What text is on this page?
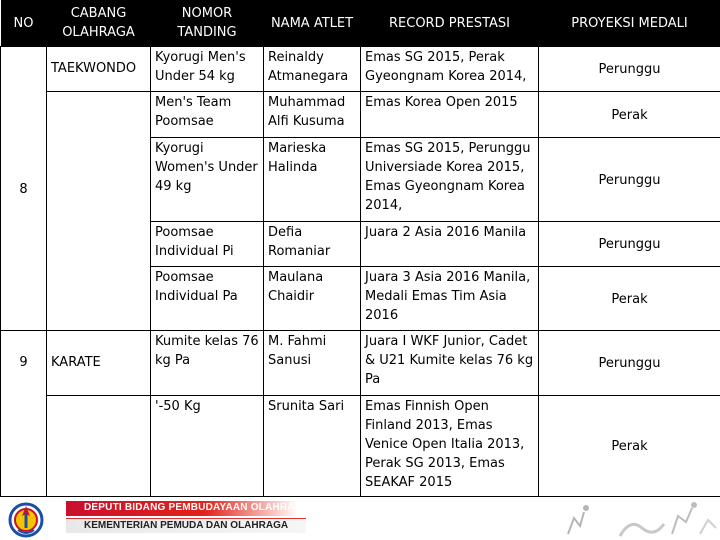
NO	CABANG OLAHRAGA	NOMOR TANDING	NAMA ATLET	RECORD PRESTASI	PROYEKSI MEDALI
8	TAEKWONDO	Kyorugi Men's Under 54 kg	Reinaldy Atmanegara	Emas SG 2015, Perak Gyeongnam Korea 2014,	Perunggu
		Men's Team Poomsae	Muhammad Alfi Kusuma	Emas Korea Open 2015	Perak
		Kyorugi Women's Under 49 kg	Marieska Halinda	Emas SG 2015, Perunggu Universiade Korea 2015, Emas Gyeongnam Korea 2014,	Perunggu
		Poomsae Individual Pi	Defia Romaniar	Juara 2 Asia 2016 Manila	Perunggu
		Poomsae Individual Pa	Maulana Chaidir	Juara 3 Asia 2016 Manila, Medali Emas Tim Asia 2016	Perak
9	KARATE	Kumite kelas 76 kg Pa	M. Fahmi Sanusi	Juara I WKF Junior, Cadet & U21 Kumite kelas 76 kg Pa	Perunggu
		'-50 Kg	Srunita Sari	Emas Finnish Open Finland 2013, Emas Venice Open Italia 2013, Perak SG 2013, Emas SEAKAF 2015	Perak
DEPUTI BIDANG PEMBUDAYAAN OLAHRAGA
KEMENTERIAN PEMUDA DAN OLAHRAGA
